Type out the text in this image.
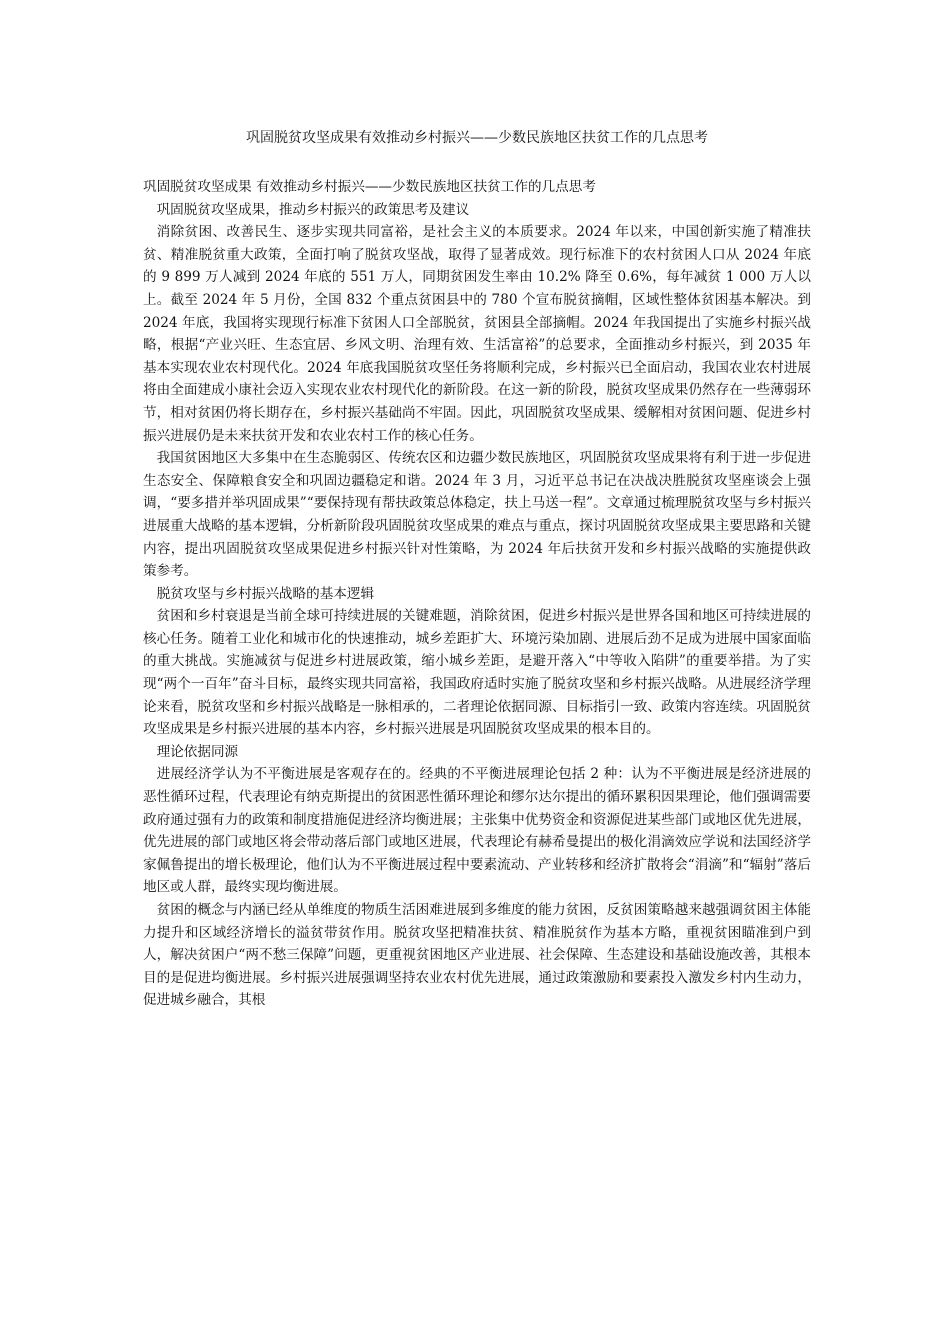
巩固脱贫攻坚成果有效推动乡村振兴——少数民族地区扶贫工作的几点思考

巩固脱贫攻坚成果 有效推动乡村振兴——少数民族地区扶贫工作的几点思考

巩固脱贫攻坚成果，推动乡村振兴的政策思考及建议

消除贫困、改善民生、逐步实现共同富裕，是社会主义的本质要求。2024 年以来，中国创新实施了精准扶贫、精准脱贫重大政策，全面打响了脱贫攻坚战，取得了显著成效。现行标准下的农村贫困人口从 2024 年底的 9 899 万人减到 2024 年底的 551 万人，同期贫困发生率由 10.2% 降至 0.6%，每年减贫 1 000 万人以上。截至 2024 年 5 月份，全国 832 个重点贫困县中的 780 个宣布脱贫摘帽，区域性整体贫困基本解决。到 2024 年底，我国将实现现行标准下贫困人口全部脱贫，贫困县全部摘帽。2024 年我国提出了实施乡村振兴战略，根据“产业兴旺、生态宜居、乡风文明、治理有效、生活富裕”的总要求，全面推动乡村振兴，到 2035 年基本实现农业农村现代化。2024 年底我国脱贫攻坚任务将顺利完成，乡村振兴已全面启动，我国农业农村进展将由全面建成小康社会迈入实现农业农村现代化的新阶段。在这一新的阶段，脱贫攻坚成果仍然存在一些薄弱环节，相对贫困仍将长期存在，乡村振兴基础尚不牢固。因此，巩固脱贫攻坚成果、缓解相对贫困问题、促进乡村振兴进展仍是未来扶贫开发和农业农村工作的核心任务。

我国贫困地区大多集中在生态脆弱区、传统农区和边疆少数民族地区，巩固脱贫攻坚成果将有利于进一步促进生态安全、保障粮食安全和巩固边疆稳定和谐。2024 年 3 月，习近平总书记在决战决胜脱贫攻坚座谈会上强调，“要多措并举巩固成果”“要保持现有帮扶政策总体稳定，扶上马送一程”。文章通过梳理脱贫攻坚与乡村振兴进展重大战略的基本逻辑，分析新阶段巩固脱贫攻坚成果的难点与重点，探讨巩固脱贫攻坚成果主要思路和关键内容，提出巩固脱贫攻坚成果促进乡村振兴针对性策略，为 2024 年后扶贫开发和乡村振兴战略的实施提供政策参考。

脱贫攻坚与乡村振兴战略的基本逻辑

贫困和乡村衰退是当前全球可持续进展的关键难题，消除贫困，促进乡村振兴是世界各国和地区可持续进展的核心任务。随着工业化和城市化的快速推动，城乡差距扩大、环境污染加剧、进展后劲不足成为进展中国家面临的重大挑战。实施减贫与促进乡村进展政策，缩小城乡差距，是避开落入“中等收入陷阱”的重要举措。为了实现“两个一百年”奋斗目标，最终实现共同富裕，我国政府适时实施了脱贫攻坚和乡村振兴战略。从进展经济学理论来看，脱贫攻坚和乡村振兴战略是一脉相承的，二者理论依据同源、目标指引一致、政策内容连续。巩固脱贫攻坚成果是乡村振兴进展的基本内容，乡村振兴进展是巩固脱贫攻坚成果的根本目的。

理论依据同源

进展经济学认为不平衡进展是客观存在的。经典的不平衡进展理论包括 2 种：认为不平衡进展是经济进展的恶性循环过程，代表理论有纳克斯提出的贫困恶性循环理论和缪尔达尔提出的循环累积因果理论，他们强调需要政府通过强有力的政策和制度措施促进经济均衡进展；主张集中优势资金和资源促进某些部门或地区优先进展，优先进展的部门或地区将会带动落后部门或地区进展，代表理论有赫希曼提出的极化涓滴效应学说和法国经济学家佩鲁提出的增长极理论，他们认为不平衡进展过程中要素流动、产业转移和经济扩散将会“涓滴”和“辐射”落后地区或人群，最终实现均衡进展。

贫困的概念与内涵已经从单维度的物质生活困难进展到多维度的能力贫困，反贫困策略越来越强调贫困主体能力提升和区域经济增长的溢贫带贫作用。脱贫攻坚把精准扶贫、精准脱贫作为基本方略，重视贫困瞄准到户到人，解决贫困户“两不愁三保障”问题，更重视贫困地区产业进展、社会保障、生态建设和基础设施改善，其根本目的是促进均衡进展。乡村振兴进展强调坚持农业农村优先进展，通过政策激励和要素投入激发乡村内生动力，促进城乡融合，其根
